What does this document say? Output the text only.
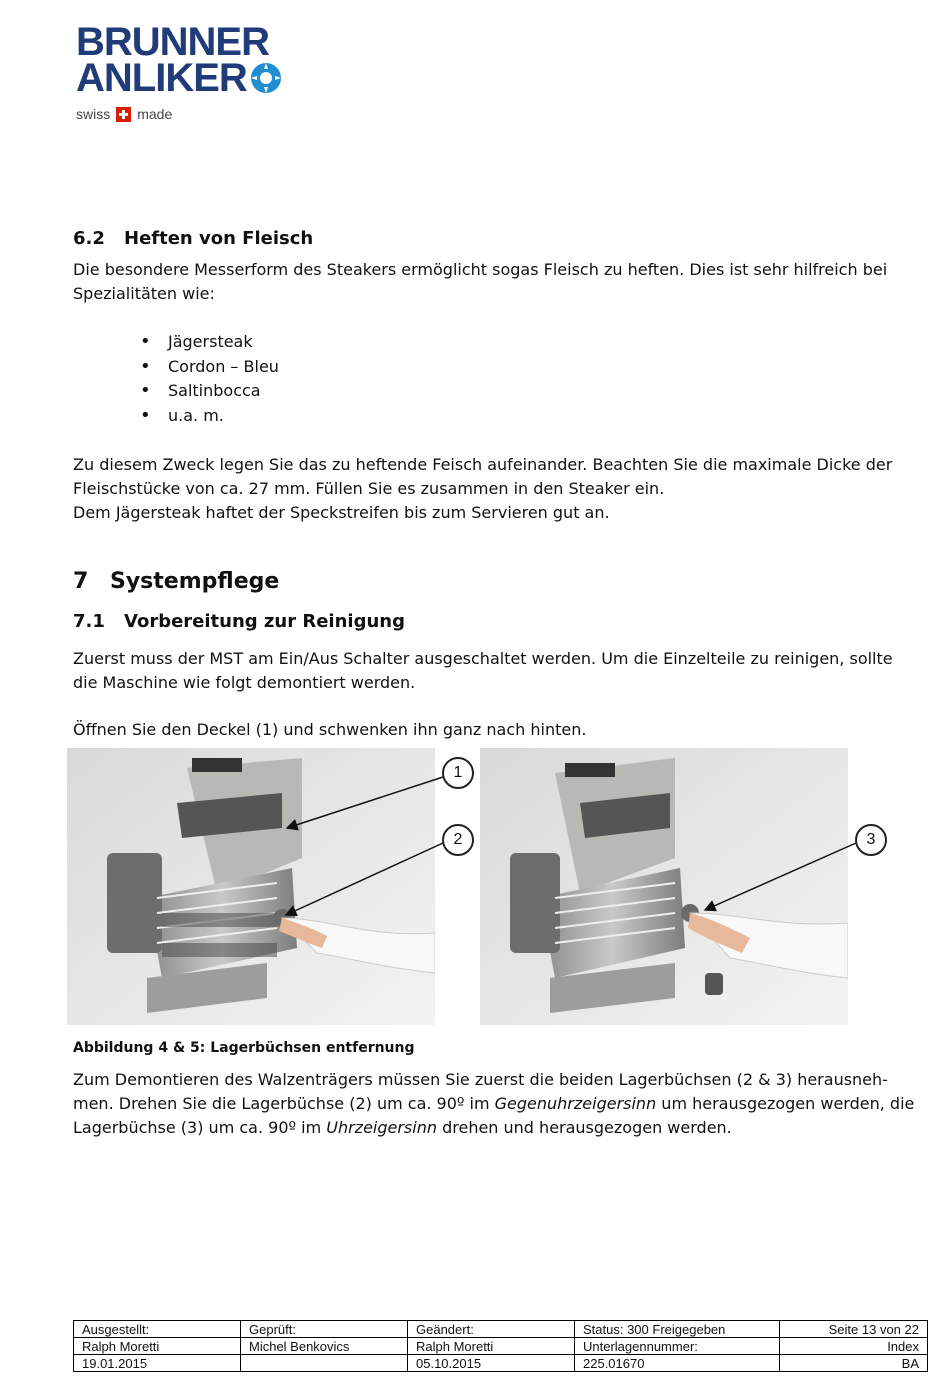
BRUNNER
ANLIKER
swiss made
6.2 Heften von Fleisch

Die besondere Messerform des Steakers ermöglicht sogas Fleisch zu heften. Dies ist sehr hilfreich bei

Spezialitäten wie:

• Jägersteak
• Cordon – Bleu
• Saltinbocca
• u.a. m.

Zu diesem Zweck legen Sie das zu heftende Feisch aufeinander. Beachten Sie die maximale Dicke der

Fleischstücke von ca. 27 mm. Füllen Sie es zusammen in den Steaker ein.

Dem Jägersteak haftet der Speckstreifen bis zum Servieren gut an.

7 Systempflege
7.1 Vorbereitung zur Reinigung

Zuerst muss der MST am Ein/Aus Schalter ausgeschaltet werden. Um die Einzelteile zu reinigen, sollte

die Maschine wie folgt demontiert werden.

Öffnen Sie den Deckel (1) und schwenken ihn ganz nach hinten.

1
2	3
Abbildung 4 & 5: Lagerbüchsen entfernung

Zum Demontieren des Walzenträgers müssen Sie zuerst die beiden Lagerbüchsen (2 & 3) herausneh-

men. Drehen Sie die Lagerbüchse (2) um ca. 90º im Gegenuhrzeigersinn um herausgezogen werden, die

Lagerbüchse (3) um ca. 90º im Uhrzeigersinn drehen und herausgezogen werden.

Ausgestellt:	Geprüft:	Geändert:	Status: 300 Freigegeben	Seite 13 von 22
Ralph Moretti	Michel Benkovics	Ralph Moretti	Unterlagennummer:	Index
19.01.2015		05.10.2015	225.01670	BA
